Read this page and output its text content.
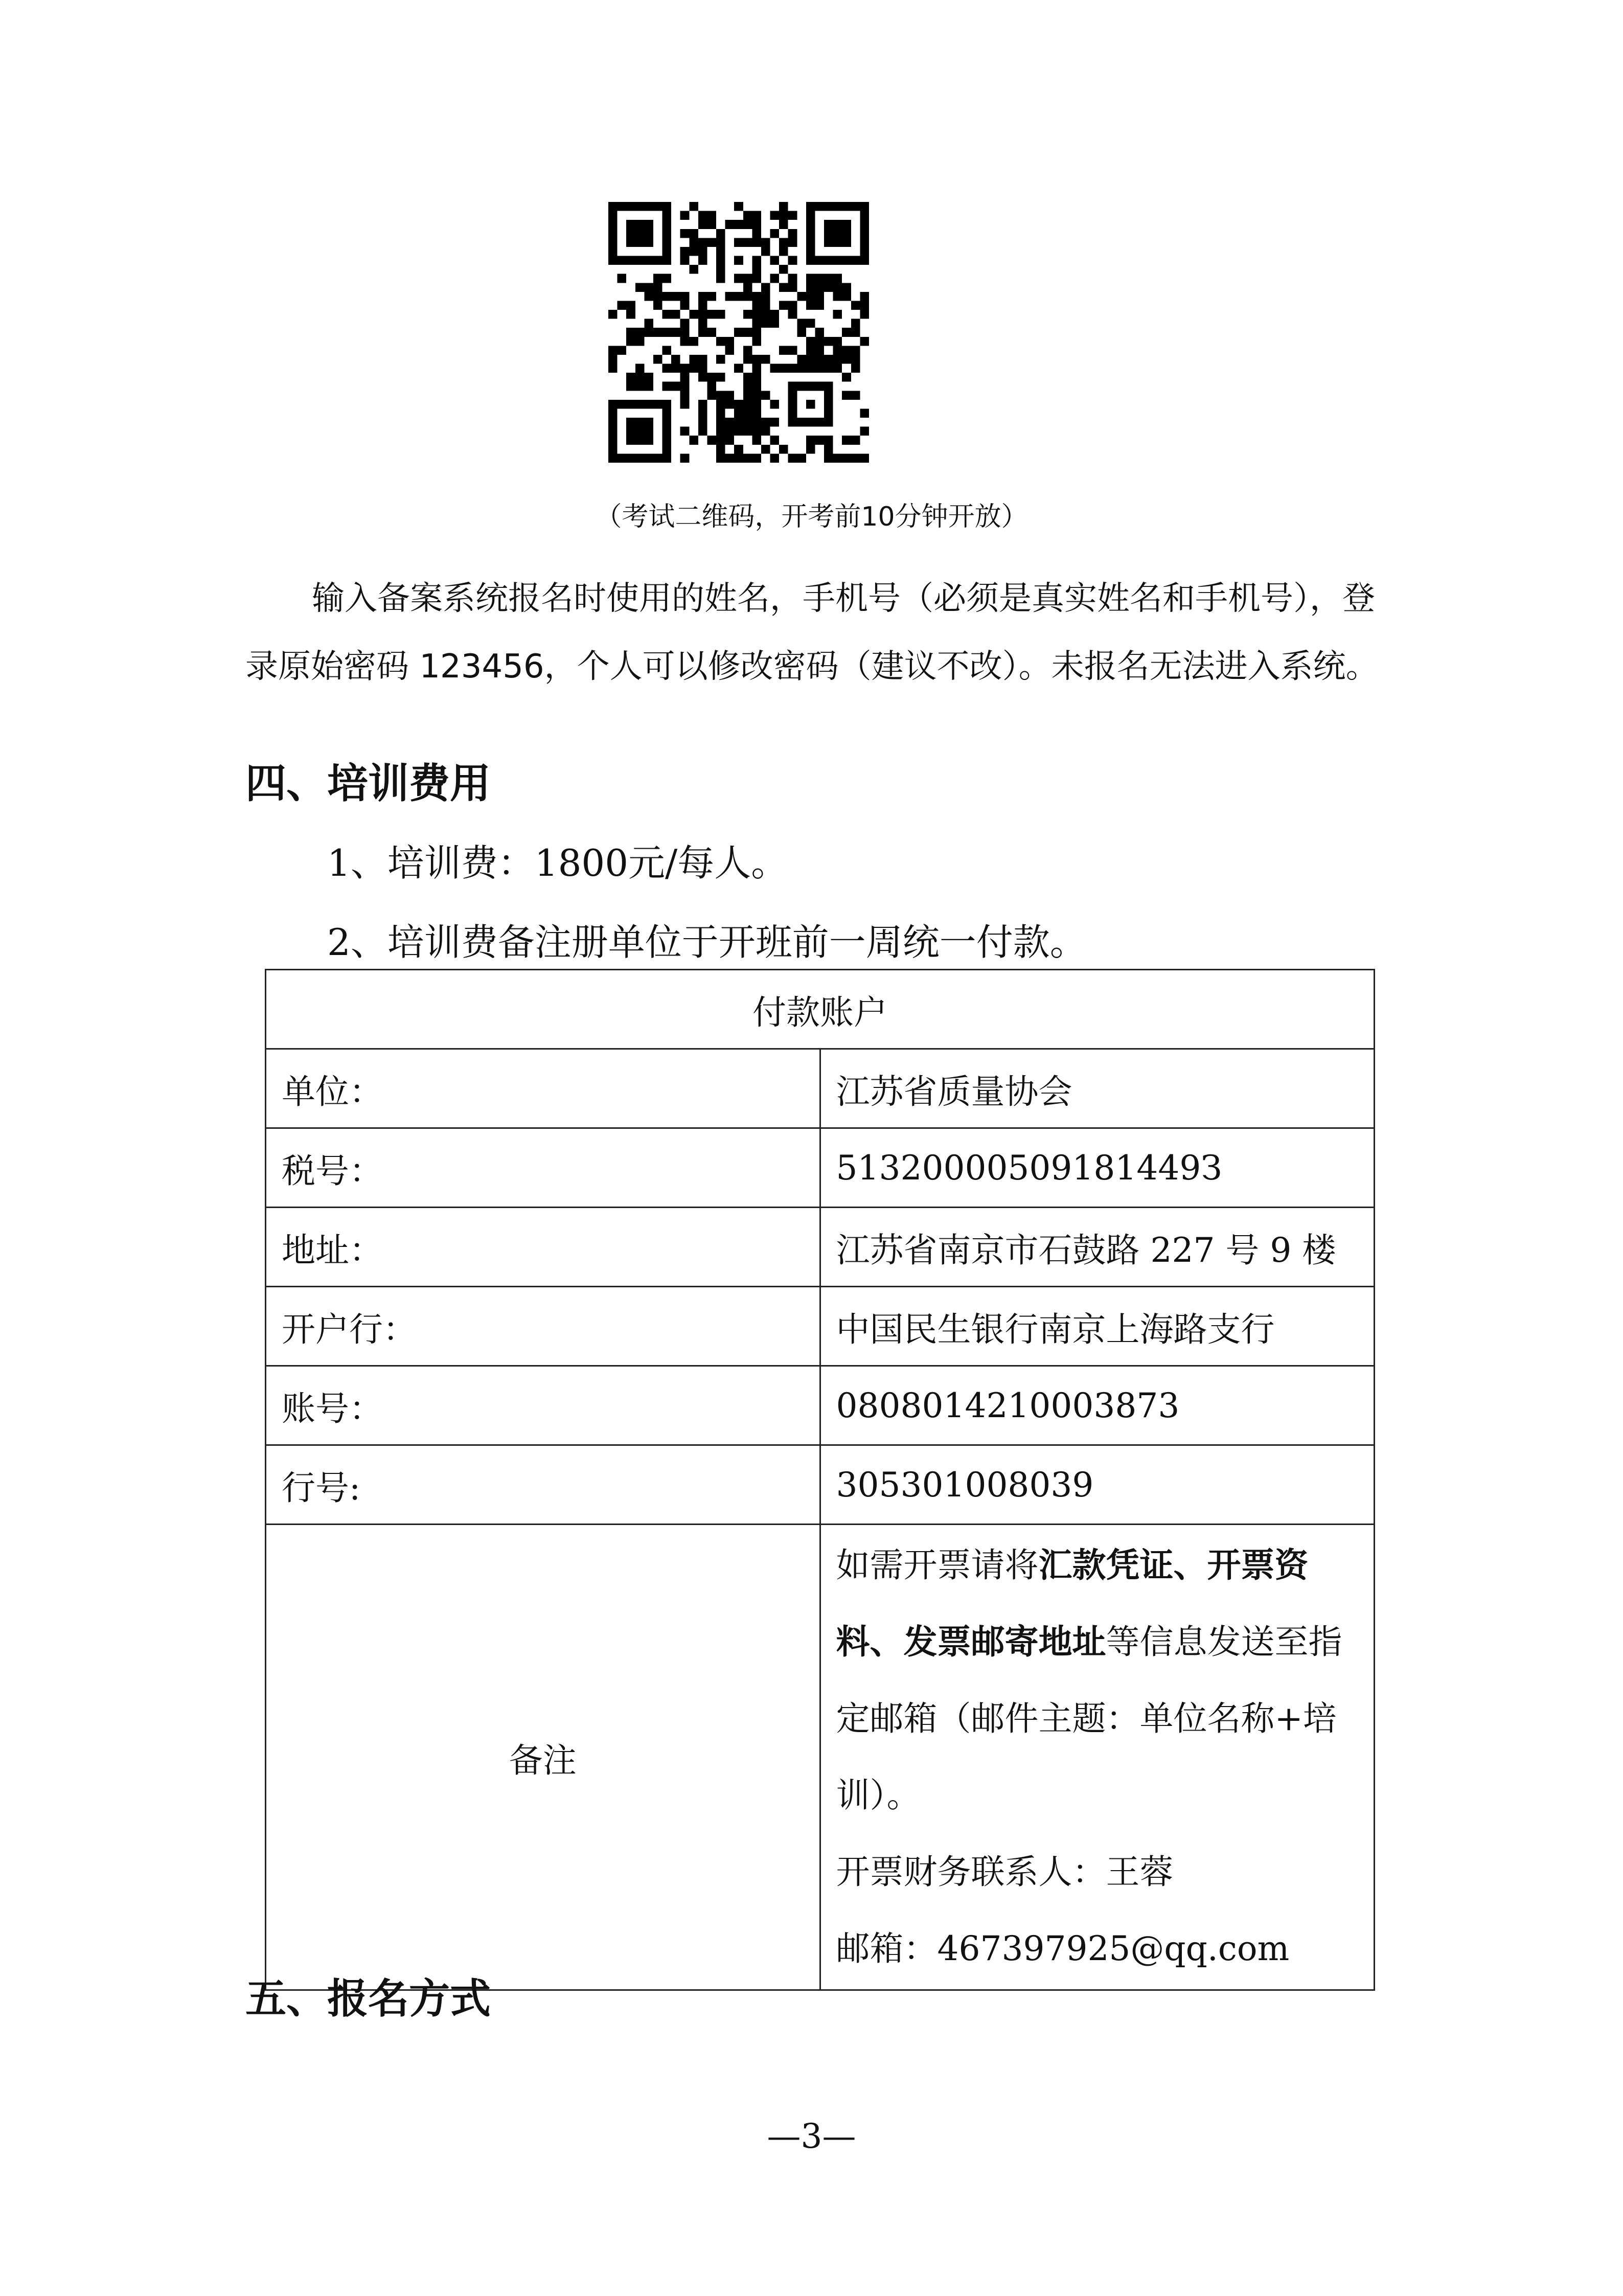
（考试二维码，开考前10分钟开放）
输入备案系统报名时使用的姓名，手机号（必须是真实姓名和手机号），登录原始密码 123456，个人可以修改密码（建议不改）。未报名无法进入系统。
四、培训费用
1、培训费：1800元/每人。
2、培训费备注册单位于开班前一周统一付款。
付款账户	
单位：	江苏省质量协会
税号：	51320000509181449З
地址：	江苏省南京市石鼓路 227 号 9 楼
开户行：	中国民生银行南京上海路支行
账号：	0808014210003873
行号:	305301008039
备注	如需开票请将汇款凭证、开票资料、发票邮寄地址等信息发送至指定邮箱（邮件主题：单位名称+培训）。
开票财务联系人：王蓉
邮箱：467397925@qq.com
五、报名方式
—3—
